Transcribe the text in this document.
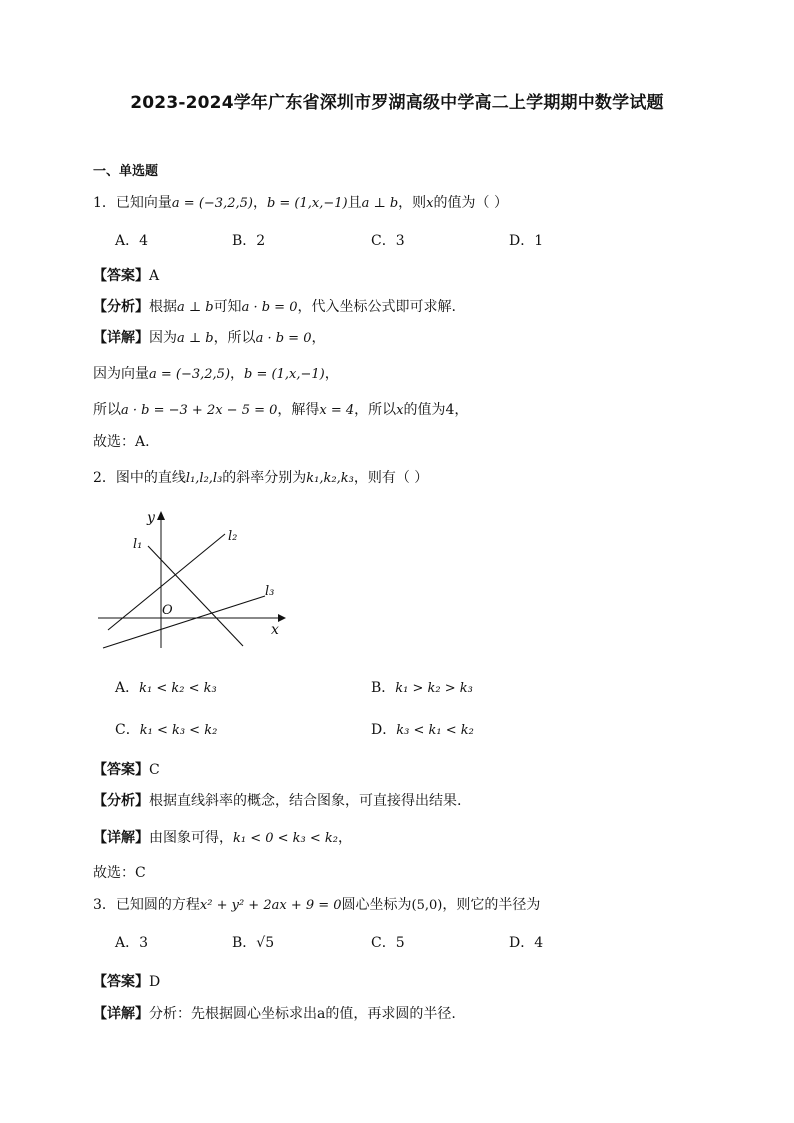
2023-2024学年广东省深圳市罗湖高级中学高二上学期期中数学试题
一、单选题
1．已知向量a = (−3,2,5)，b = (1,x,−1)且a ⊥ b，则x的值为（ ）
A．4	B．2	C．3	D．1
【答案】A
【分析】根据a ⊥ b可知a · b = 0，代入坐标公式即可求解.
【详解】因为a ⊥ b，所以a · b = 0，
因为向量a = (−3,2,5)，b = (1,x,−1)，
所以a · b = −3 + 2x − 5 = 0，解得x = 4，所以x的值为4，
故选：A.
2．图中的直线l₁,l₂,l₃的斜率分别为k₁,k₂,k₃，则有（ ）
y
x
O
l₁
l₂
l₃
A．k₁ < k₂ < k₃	B．k₁ > k₂ > k₃
C．k₁ < k₃ < k₂	D．k₃ < k₁ < k₂
【答案】C
【分析】根据直线斜率的概念，结合图象，可直接得出结果.
【详解】由图象可得，k₁ < 0 < k₃ < k₂，
故选：C
3．已知圆的方程x² + y² + 2ax + 9 = 0圆心坐标为(5,0)，则它的半径为
A．3	B．√5	C．5	D．4
【答案】D
【详解】分析：先根据圆心坐标求出a的值，再求圆的半径.
